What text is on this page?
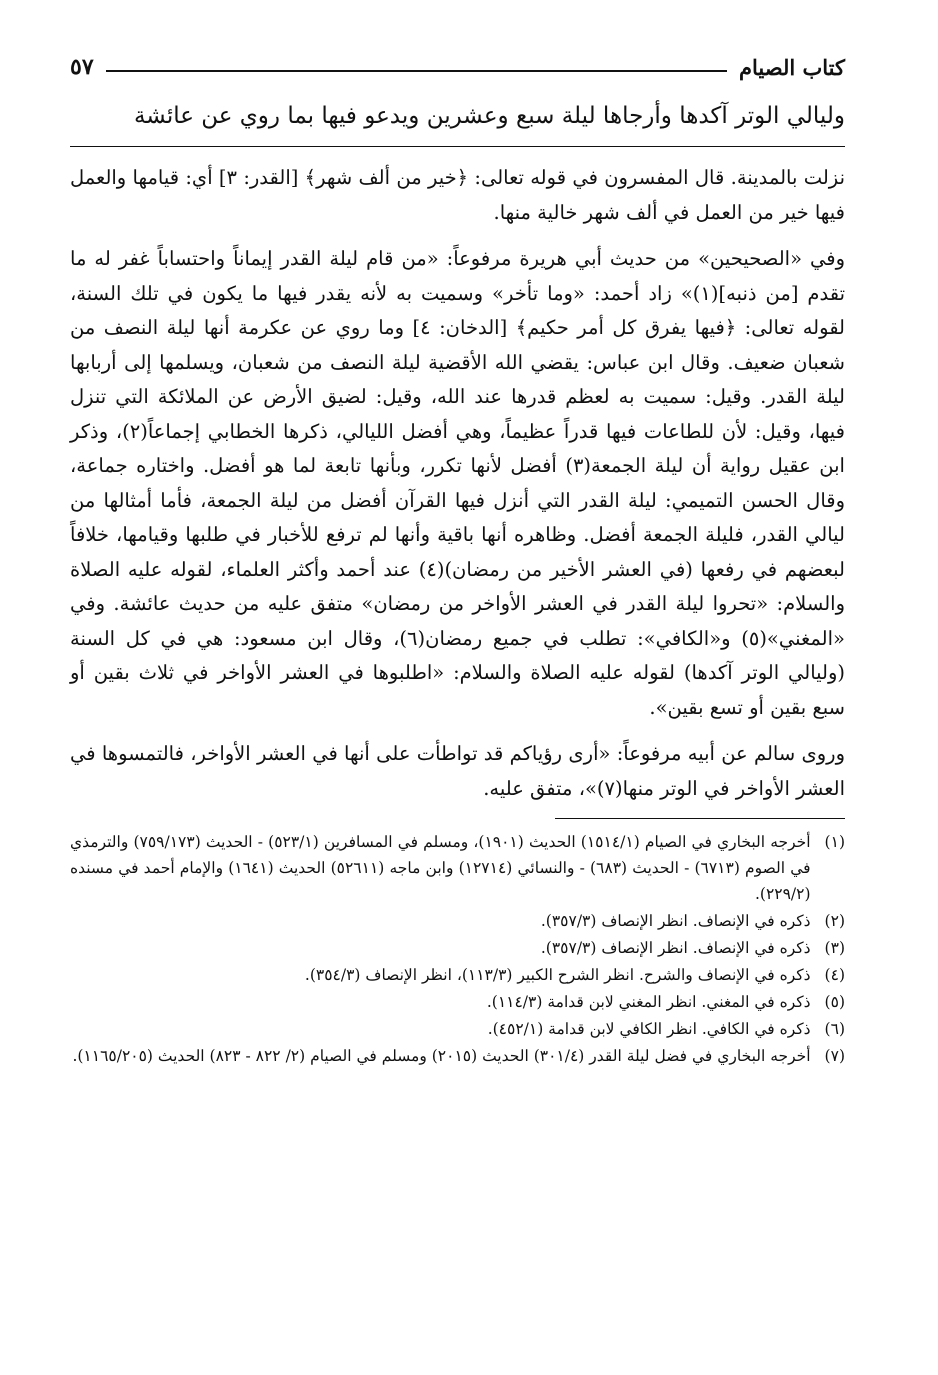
كتاب الصيام
٥٧
وليالي الوتر آكدها وأرجاها ليلة سبع وعشرين ويدعو فيها بما روي عن عائشة

نزلت بالمدينة. قال المفسرون في قوله تعالى: ﴿خير من ألف شهر﴾ [القدر: ٣] أي: قيامها والعمل فيها خير من العمل في ألف شهر خالية منها.

وفي «الصحيحين» من حديث أبي هريرة مرفوعاً: «من قام ليلة القدر إيماناً واحتساباً غفر له ما تقدم [من ذنبه](١)» زاد أحمد: «وما تأخر» وسميت به لأنه يقدر فيها ما يكون في تلك السنة، لقوله تعالى: ﴿فيها يفرق كل أمر حكيم﴾ [الدخان: ٤] وما روي عن عكرمة أنها ليلة النصف من شعبان ضعيف. وقال ابن عباس: يقضي الله الأقضية ليلة النصف من شعبان، ويسلمها إلى أربابها ليلة القدر. وقيل: سميت به لعظم قدرها عند الله، وقيل: لضيق الأرض عن الملائكة التي تنزل فيها، وقيل: لأن للطاعات فيها قدراً عظيماً، وهي أفضل الليالي، ذكرها الخطابي إجماعاً(٢)، وذكر ابن عقيل رواية أن ليلة الجمعة(٣) أفضل لأنها تكرر، وبأنها تابعة لما هو أفضل. واختاره جماعة، وقال الحسن التميمي: ليلة القدر التي أنزل فيها القرآن أفضل من ليلة الجمعة، فأما أمثالها من ليالي القدر، فليلة الجمعة أفضل. وظاهره أنها باقية وأنها لم ترفع للأخبار في طلبها وقيامها، خلافاً لبعضهم في رفعها (في العشر الأخير من رمضان)(٤) عند أحمد وأكثر العلماء، لقوله عليه الصلاة والسلام: «تحروا ليلة القدر في العشر الأواخر من رمضان» متفق عليه من حديث عائشة. وفي «المغني»(٥) و«الكافي»: تطلب في جميع رمضان(٦)، وقال ابن مسعود: هي في كل السنة (وليالي الوتر آكدها) لقوله عليه الصلاة والسلام: «اطلبوها في العشر الأواخر في ثلاث بقين أو سبع بقين أو تسع بقين».

وروى سالم عن أبيه مرفوعاً: «أرى رؤياكم قد تواطأت على أنها في العشر الأواخر، فالتمسوها في العشر الأواخر في الوتر منها(٧)»، متفق عليه.

(١)
أخرجه البخاري في الصيام (١٥١٤/١) الحديث (١٩٠١)، ومسلم في المسافرين (٥٢٣/١) - الحديث (٧٥٩/١٧٣) والترمذي في الصوم (٦٧١٣) - الحديث (٦٨٣) - والنسائي (١٢٧١٤) وابن ماجه (٥٢٦١١) الحديث (١٦٤١) والإمام أحمد في مسنده (٢٢٩/٢).
(٢)
ذكره في الإنصاف. انظر الإنصاف (٣٥٧/٣).
(٣)
ذكره في الإنصاف. انظر الإنصاف (٣٥٧/٣).
(٤)
ذكره في الإنصاف والشرح. انظر الشرح الكبير (١١٣/٣)، انظر الإنصاف (٣٥٤/٣).
(٥)
ذكره في المغني. انظر المغني لابن قدامة (١١٤/٣).
(٦)
ذكره في الكافي. انظر الكافي لابن قدامة (٤٥٢/١).
(٧)
أخرجه البخاري في فضل ليلة القدر (٣٠١/٤) الحديث (٢٠١٥) ومسلم في الصيام (٢/ ٨٢٢ - ٨٢٣) الحديث (١١٦٥/٢٠٥).
